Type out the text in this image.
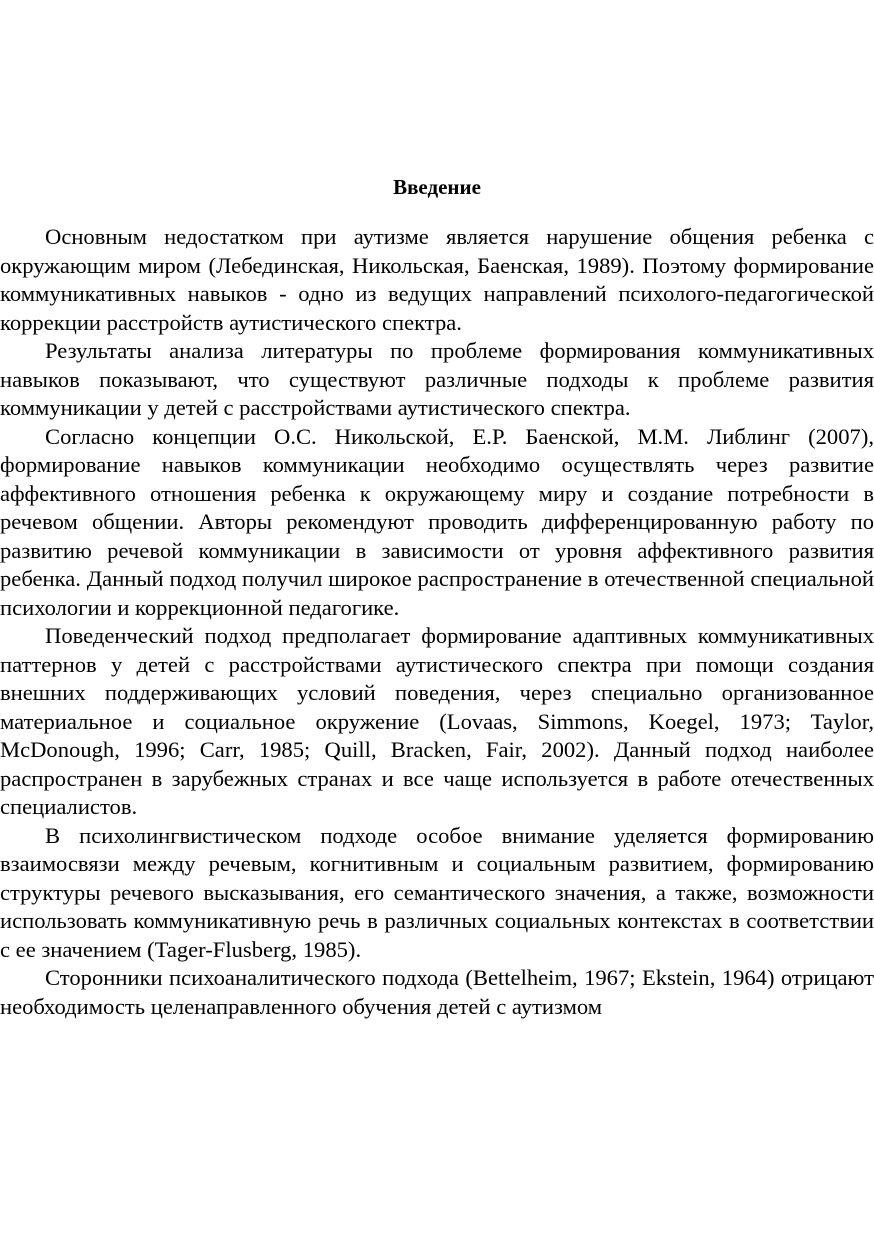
Введение

Основным недостатком при аутизме является нарушение общения ребенка с окружающим миром (Лебединская, Никольская, Баенская, 1989). Поэтому формирование коммуникативных навыков - одно из ведущих направлений психолого-педагогической коррекции расстройств аутистического спектра.

Результаты анализа литературы по проблеме формирования коммуникативных навыков показывают, что существуют различные подходы к проблеме развития коммуникации у детей с расстройствами аутистического спектра.

Согласно концепции О.С. Никольской, Е.Р. Баенской, М.М. Либлинг (2007), формирование навыков коммуникации необходимо осуществлять через развитие аффективного отношения ребенка к окружающему миру и создание потребности в речевом общении. Авторы рекомендуют проводить дифференцированную работу по развитию речевой коммуникации в зависимости от уровня аффективного развития ребенка. Данный подход получил широкое распространение в отечественной специальной психологии и коррекционной педагогике.

Поведенческий подход предполагает формирование адаптивных коммуникативных паттернов у детей с расстройствами аутистического спектра при помощи создания внешних поддерживающих условий поведения, через специально организованное материальное и социальное окружение (Lovaas, Simmons, Koegel, 1973; Taylor, McDonough, 1996; Carr, 1985; Quill, Bracken, Fair, 2002). Данный подход наиболее распространен в зарубежных странах и все чаще используется в работе отечественных специалистов.

В психолингвистическом подходе особое внимание уделяется формированию взаимосвязи между речевым, когнитивным и социальным развитием, формированию структуры речевого высказывания, его семантического значения, а также, возможности использовать коммуникативную речь в различных социальных контекстах в соответствии с ее значением (Tager-Flusberg, 1985).

Сторонники психоаналитического подхода (Bettelheim, 1967; Ekstein, 1964) отрицают необходимость целенаправленного обучения детей с аутизмом
